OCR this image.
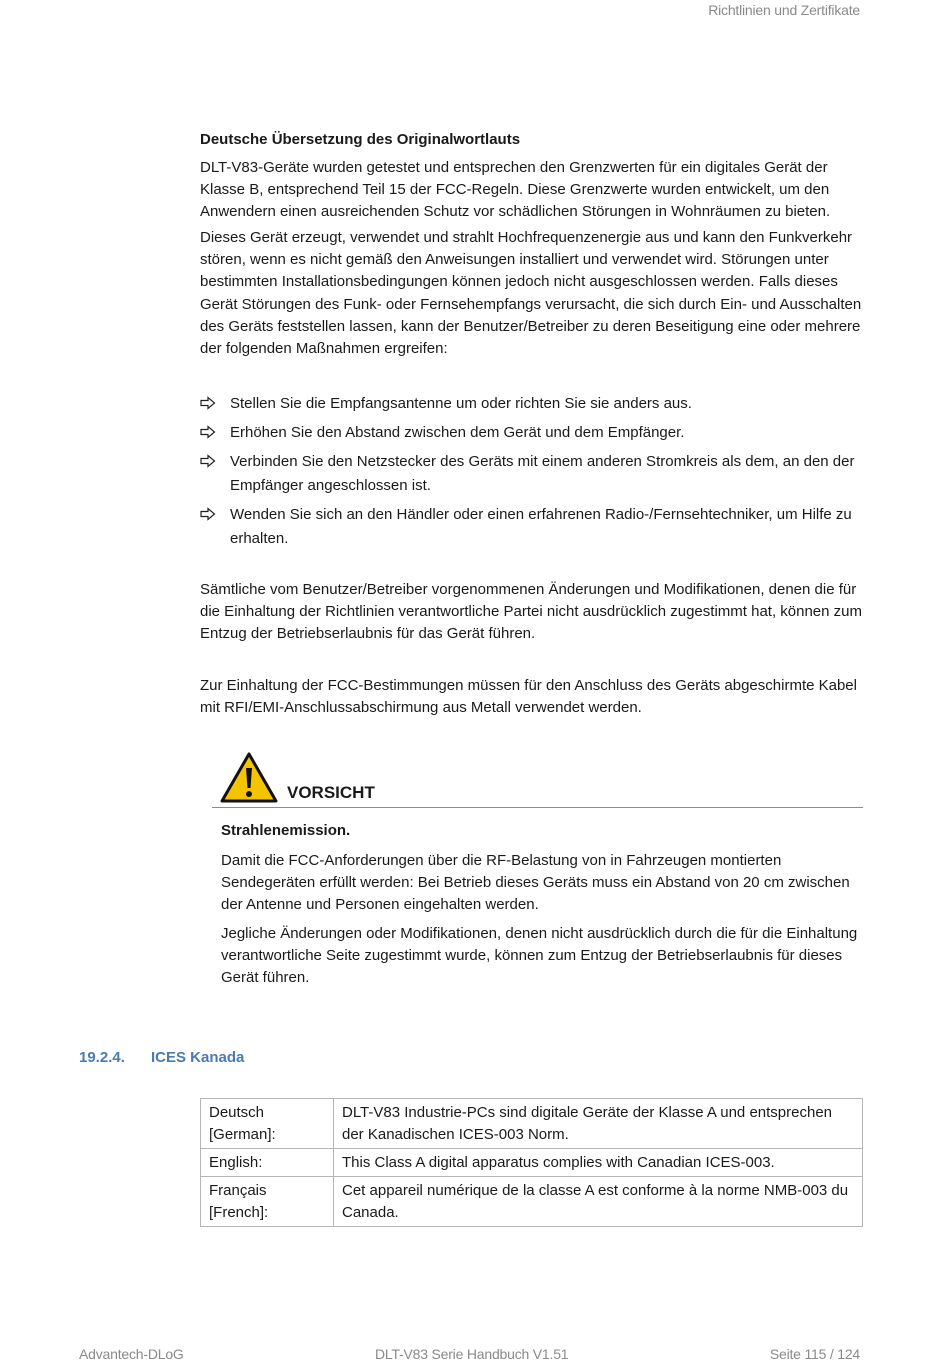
Richtlinien und Zertifikate
Deutsche Übersetzung des Originalwortlauts
DLT-V83-Geräte wurden getestet und entsprechen den Grenzwerten für ein digitales Gerät der Klasse B, entsprechend Teil 15 der FCC-Regeln. Diese Grenzwerte wurden entwickelt, um den Anwendern einen ausreichenden Schutz vor schädlichen Störungen in Wohnräumen zu bieten.
Dieses Gerät erzeugt, verwendet und strahlt Hochfrequenzenergie aus und kann den Funkverkehr stören, wenn es nicht gemäß den Anweisungen installiert und verwendet wird. Störungen unter bestimmten Installationsbedingungen können jedoch nicht ausgeschlossen werden. Falls dieses Gerät Störungen des Funk- oder Fernsehempfangs verursacht, die sich durch Ein- und Ausschalten des Geräts feststellen lassen, kann der Benutzer/Betreiber zu deren Beseitigung eine oder mehrere der folgenden Maßnahmen ergreifen:
Stellen Sie die Empfangsantenne um oder richten Sie sie anders aus.
Erhöhen Sie den Abstand zwischen dem Gerät und dem Empfänger.
Verbinden Sie den Netzstecker des Geräts mit einem anderen Stromkreis als dem, an den der Empfänger angeschlossen ist.
Wenden Sie sich an den Händler oder einen erfahrenen Radio-/Fernsehtechniker, um Hilfe zu erhalten.
Sämtliche vom Benutzer/Betreiber vorgenommenen Änderungen und Modifikationen, denen die für die Einhaltung der Richtlinien verantwortliche Partei nicht ausdrücklich zugestimmt hat, können zum Entzug der Betriebserlaubnis für das Gerät führen.
Zur Einhaltung der FCC-Bestimmungen müssen für den Anschluss des Geräts abgeschirmte Kabel mit RFI/EMI-Anschlussabschirmung aus Metall verwendet werden.
VORSICHT
Strahlenemission.
Damit die FCC-Anforderungen über die RF-Belastung von in Fahrzeugen montierten Sendegeräten erfüllt werden: Bei Betrieb dieses Geräts muss ein Abstand von 20 cm zwischen der Antenne und Personen eingehalten werden.
Jegliche Änderungen oder Modifikationen, denen nicht ausdrücklich durch die für die Einhaltung verantwortliche Seite zugestimmt wurde, können zum Entzug der Betriebserlaubnis für dieses Gerät führen.
19.2.4. ICES Kanada
Deutsch [German]:	DLT-V83 Industrie-PCs sind digitale Geräte der Klasse A und entsprechen der Kanadischen ICES-003 Norm.
English:	This Class A digital apparatus complies with Canadian ICES-003.
Français [French]:	Cet appareil numérique de la classe A est conforme à la norme NMB-003 du Canada.
Advantech-DLoG	DLT-V83 Serie Handbuch V1.51	Seite 115 / 124
